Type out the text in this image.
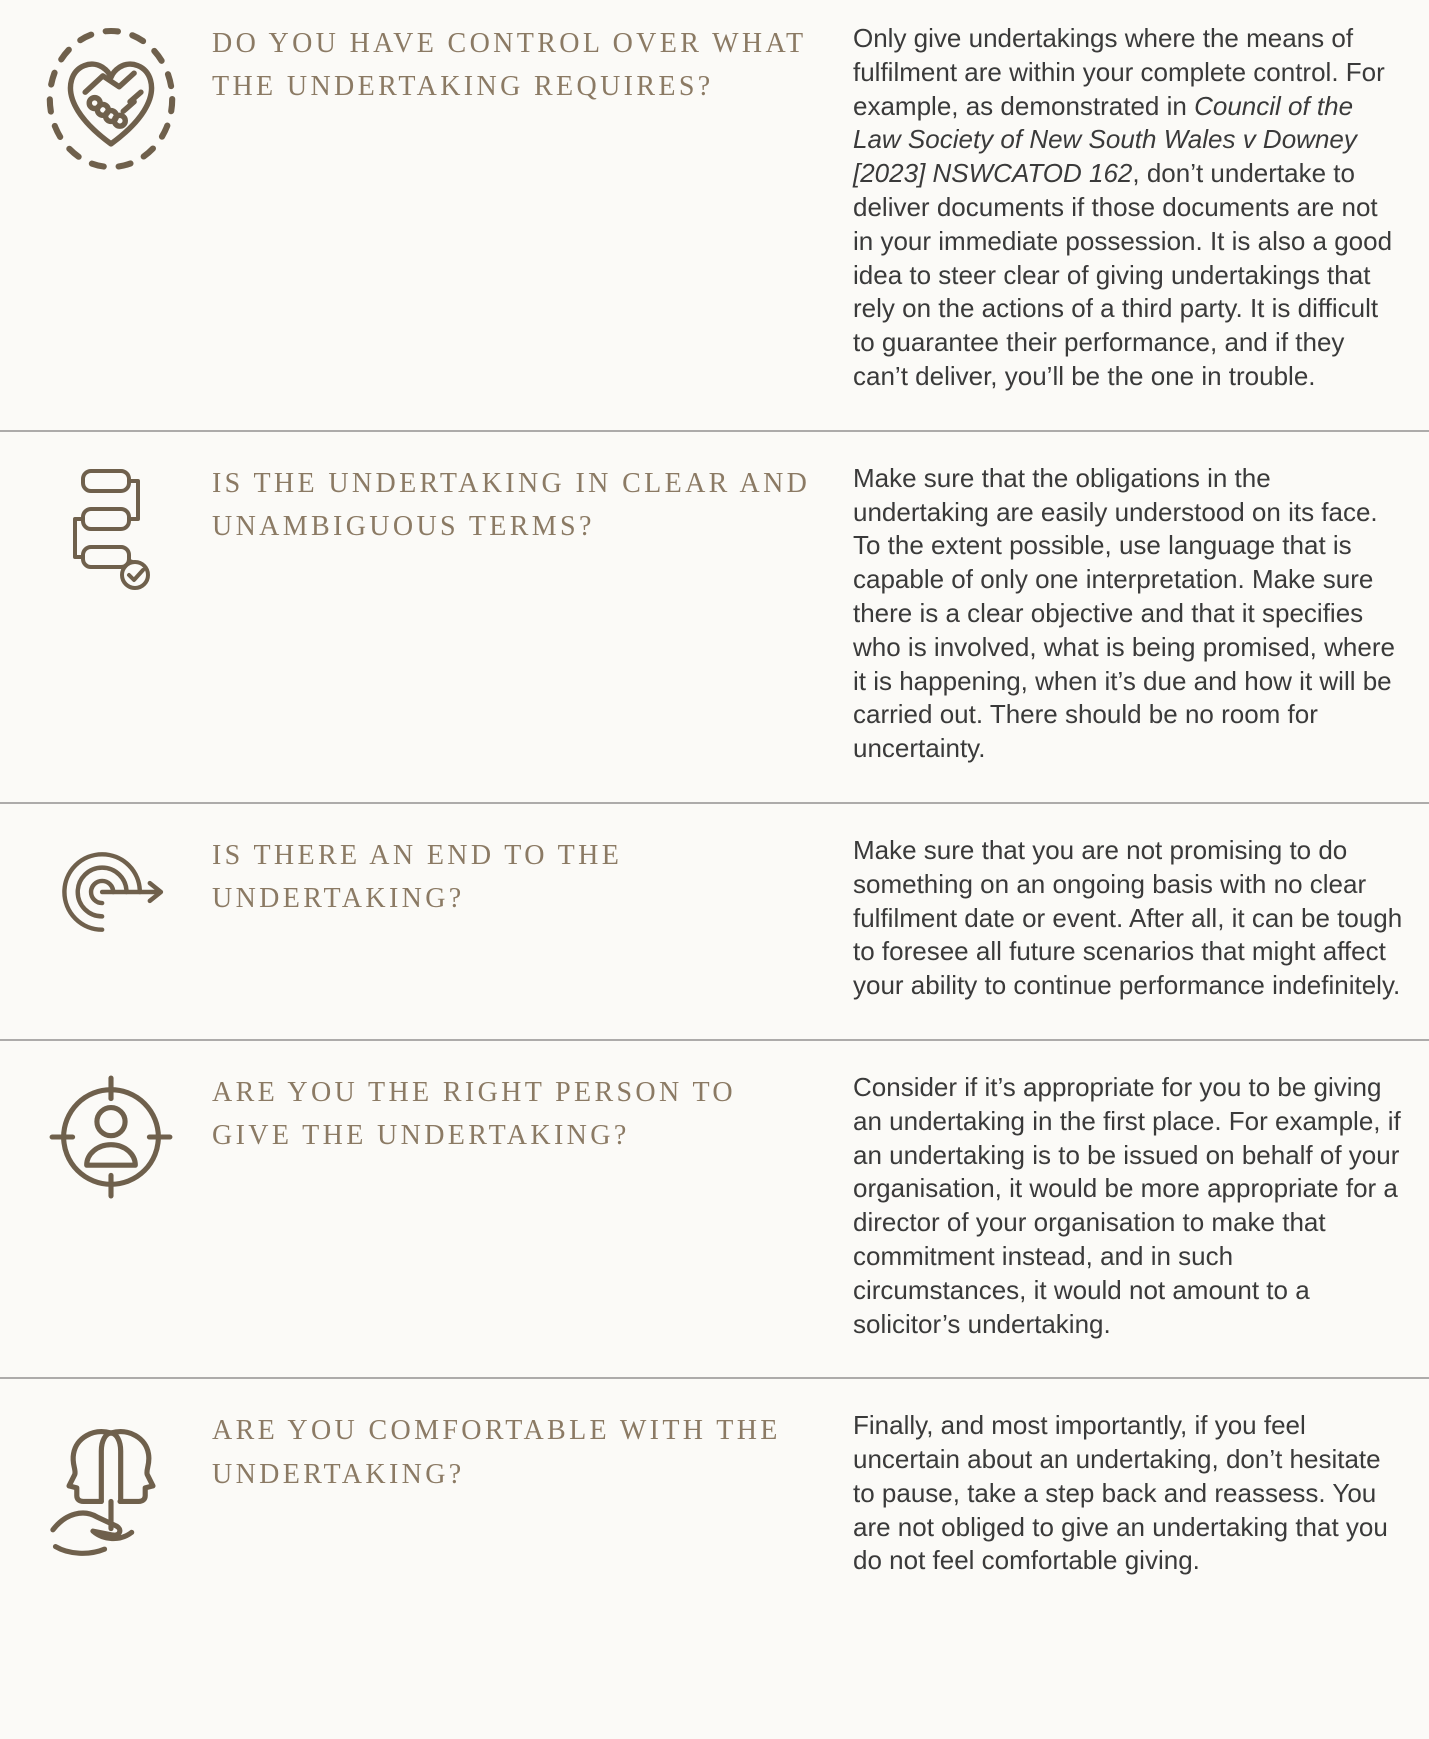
DO YOU HAVE CONTROL OVER WHAT THE UNDERTAKING REQUIRES?

Only give undertakings where the means of fulfilment are within your complete control. For example, as demonstrated in Council of the Law Society of New South Wales v Downey [2023] NSWCATOD 162, don’t undertake to deliver documents if those documents are not in your immediate possession. It is also a good idea to steer clear of giving undertakings that rely on the actions of a third party. It is difficult to guarantee their performance, and if they can’t deliver, you’ll be the one in trouble.

IS THE UNDERTAKING IN CLEAR AND UNAMBIGUOUS TERMS?

Make sure that the obligations in the undertaking are easily understood on its face. To the extent possible, use language that is capable of only one interpretation. Make sure there is a clear objective and that it specifies who is involved, what is being promised, where it is happening, when it’s due and how it will be carried out. There should be no room for uncertainty.

IS THERE AN END TO THE UNDERTAKING?

Make sure that you are not promising to do something on an ongoing basis with no clear fulfilment date or event. After all, it can be tough to foresee all future scenarios that might affect your ability to continue performance indefinitely.

ARE YOU THE RIGHT PERSON TO GIVE THE UNDERTAKING?

Consider if it’s appropriate for you to be giving an undertaking in the first place. For example, if an undertaking is to be issued on behalf of your organisation, it would be more appropriate for a director of your organisation to make that commitment instead, and in such circumstances, it would not amount to a solicitor’s undertaking.

ARE YOU COMFORTABLE WITH THE UNDERTAKING?

Finally, and most importantly, if you feel uncertain about an undertaking, don’t hesitate to pause, take a step back and reassess. You are not obliged to give an undertaking that you do not feel comfortable giving.
